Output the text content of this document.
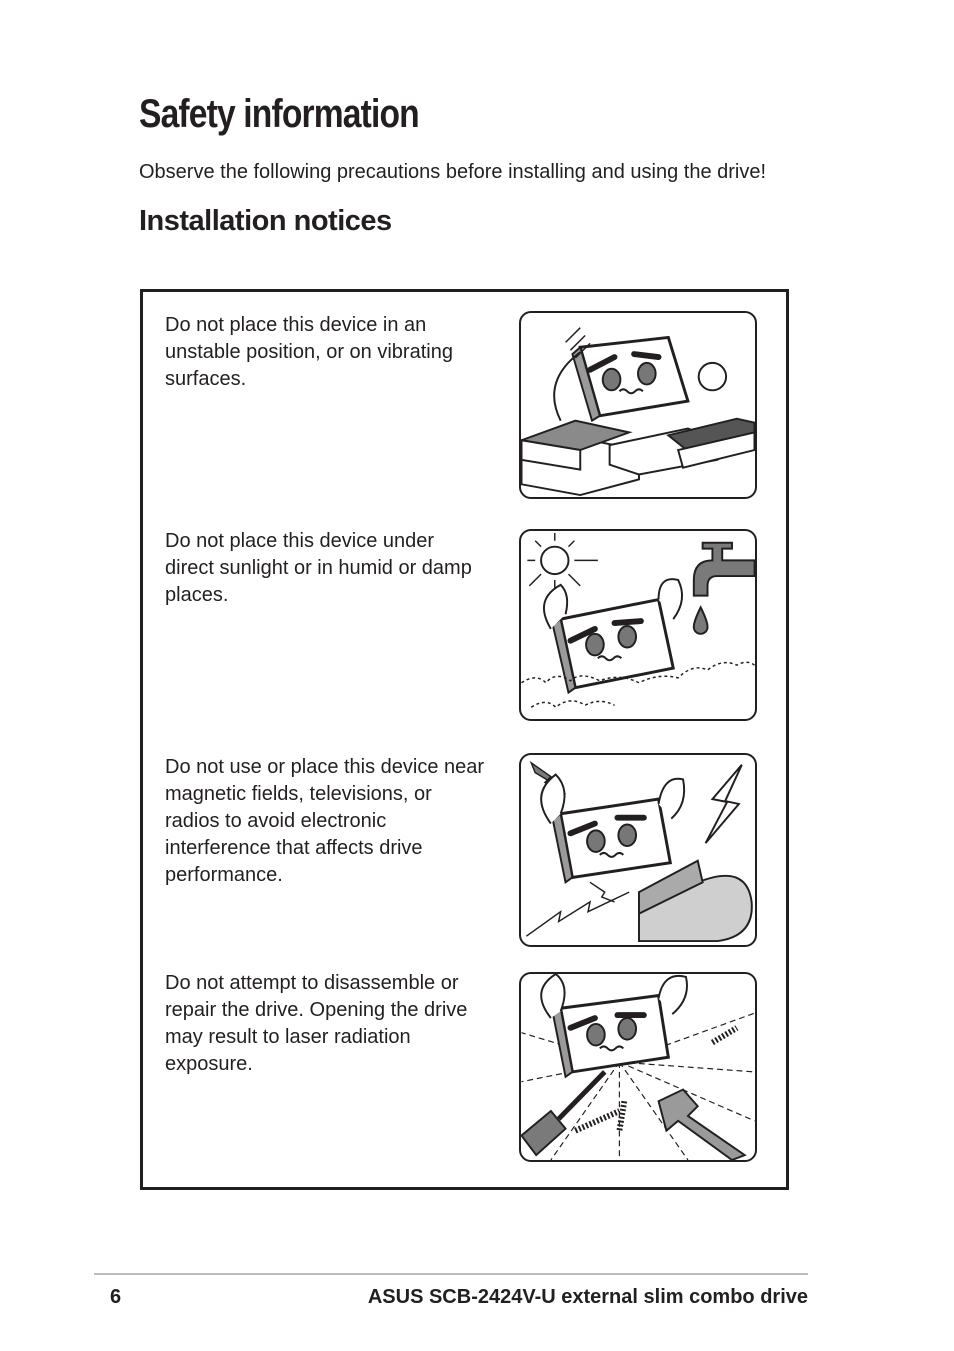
Safety information

Observe the following precautions before installing and using the drive!

Installation notices

Do not place this device in an unstable position, or on vibrating surfaces.

Do not place this device under direct sunlight or in humid or damp places.

Do not use or place this device near magnetic fields, televisions, or radios to avoid electronic interference that affects drive performance.

Do not attempt to disassemble or repair the drive. Opening the drive may result to laser radiation exposure.

6	ASUS SCB-2424V-U external slim combo drive
